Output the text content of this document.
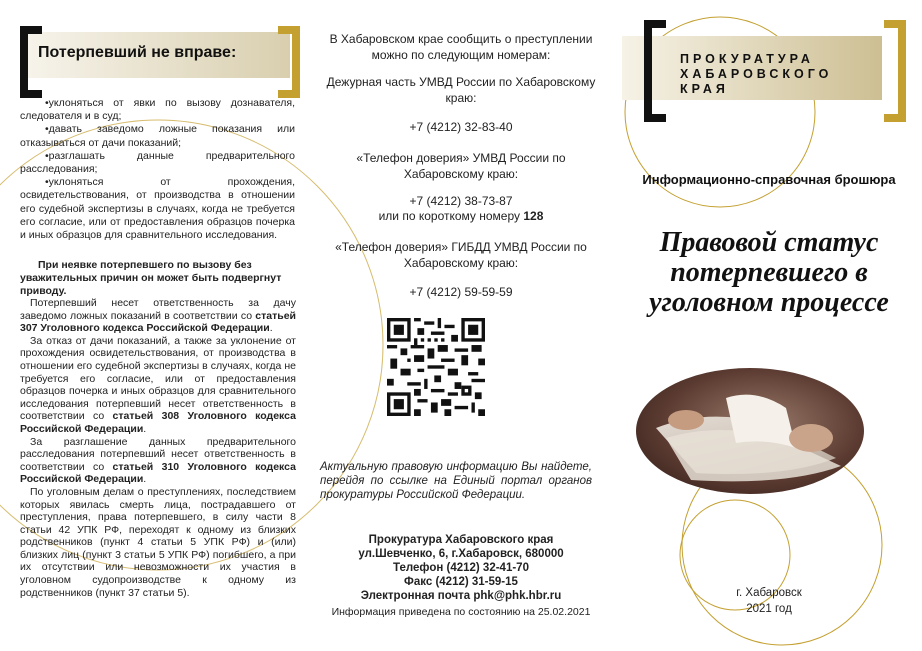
Потерпевший не вправе:

•уклоняться от явки по вызову дознавателя, следователя и в суд;

•давать заведомо ложные показания или отказываться от дачи показаний;

•разглашать данные предварительного расследования;

•уклоняться от прохождения, освидетельствования, от производства в отношении его судебной экспертизы в случаях, когда не требуется его согласие, или от предоставления образцов почерка и иных образцов для сравнительного исследования.

При неявке потерпевшего по вызову без уважительных причин он может быть подвергнут приводу.

Потерпевший несет ответственность за дачу заведомо ложных показаний в соответствии со статьей 307 Уголовного кодекса Российской Федерации.

За отказ от дачи показаний, а также за уклонение от прохождения освидетельствования, от производства в отношении его судебной экспертизы в случаях, когда не требуется его согласие, или от предоставления образцов почерка и иных образцов для сравнительного исследования потерпевший несет ответственность в соответствии со статьей 308 Уголовного кодекса Российской Федерации.

За разглашение данных предварительного расследования потерпевший несет ответственность в соответствии со статьей 310 Уголовного кодекса Российской Федерации.

По уголовным делам о преступлениях, последствием которых явилась смерть лица, пострадавшего от преступления, права потерпевшего, в силу части 8 статьи 42 УПК РФ, переходят к одному из близких родственников (пункт 4 статьи 5 УПК РФ) и (или) близких лиц (пункт 3 статьи 5 УПК РФ) погибшего, а при их отсутствии или невозможности их участия в уголовном судопроизводстве к одному из родственников (пункт 37 статьи 5).

В Хабаровском крае сообщить о преступлении можно по следующим номерам:
Дежурная часть УМВД России по Хабаровскому краю:
+7 (4212) 32-83-40
«Телефон доверия» УМВД России по Хабаровскому краю:
+7 (4212) 38-73-87
или по короткому номеру 128
«Телефон доверия» ГИБДД УМВД России по Хабаровскому краю:
+7 (4212) 59-59-59
Актуальную правовую информацию Вы найдете, перейдя по ссылке на Единый портал органов прокуратуры Российской Федерации.
Прокуратура Хабаровского края
ул.Шевченко, 6, г.Хабаровск, 680000
Телефон (4212) 32-41-70
Факс (4212) 31-59-15
Электронная почта phk@phk.hbr.ru
Информация приведена по состоянию на 25.02.2021
ПРОКУРАТУРА
ХАБАРОВСКОГО
КРАЯ
Информационно-справочная брошюра
Правовой статус
потерпевшего в
уголовном процессе
г. Хабаровск
2021 год
